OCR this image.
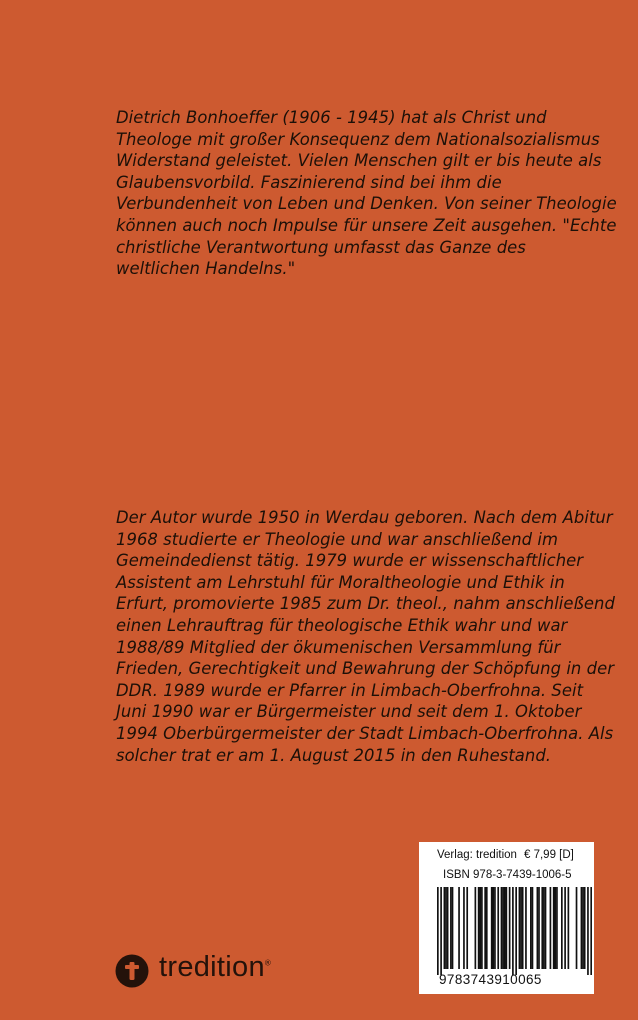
Dietrich Bonhoeffer (1906 - 1945) hat als Christ und
Theologe mit großer Konsequenz dem Nationalsozialismus
Widerstand geleistet. Vielen Menschen gilt er bis heute als
Glaubensvorbild. Faszinierend sind bei ihm die
Verbundenheit von Leben und Denken. Von seiner Theologie
können auch noch Impulse für unsere Zeit ausgehen. "Echte
christliche Verantwortung umfasst das Ganze des
weltlichen Handelns."
Der Autor wurde 1950 in Werdau geboren. Nach dem Abitur
1968 studierte er Theologie und war anschließend im
Gemeindedienst tätig. 1979 wurde er wissenschaftlicher
Assistent am Lehrstuhl für Moraltheologie und Ethik in
Erfurt, promovierte 1985 zum Dr. theol., nahm anschließend
einen Lehrauftrag für theologische Ethik wahr und war
1988/89 Mitglied der ökumenischen Versammlung für
Frieden, Gerechtigkeit und Bewahrung der Schöpfung in der
DDR. 1989 wurde er Pfarrer in Limbach-Oberfrohna. Seit
Juni 1990 war er Bürgermeister und seit dem 1. Oktober
1994 Oberbürgermeister der Stadt Limbach-Oberfrohna. Als
solcher trat er am 1. August 2015 in den Ruhestand.
Verlag: tredition € 7,99 [D]
ISBN 978-3-7439-1006-5
9783743910065
tredition®
